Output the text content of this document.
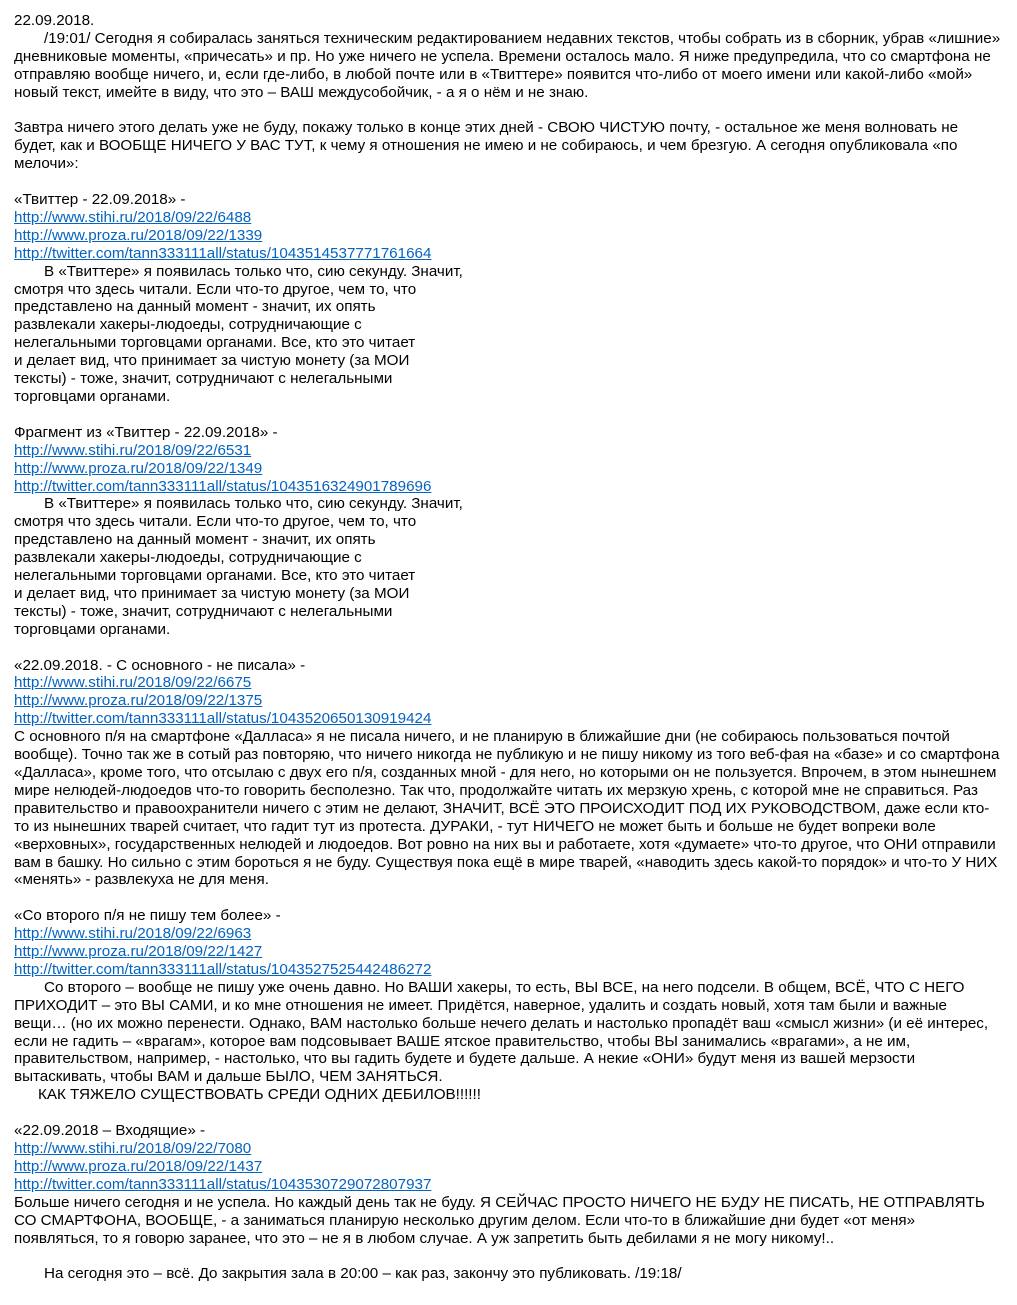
22.09.2018.
/19:01/ Сегодня я собиралась заняться техническим редактированием недавних текстов, чтобы собрать из в сборник, убрав «лишние» дневниковые моменты, «причесать» и пр. Но уже ничего не успела. Времени осталось мало. Я ниже предупредила, что со смартфона не отправляю вообще ничего, и, если где-либо, в любой почте или в «Твиттере» появится что-либо от моего имени или какой-либо «мой» новый текст, имейте в виду, что это – ВАШ междусобойчик, - а я о нём и не знаю.
Завтра ничего этого делать уже не буду, покажу только в конце этих дней - СВОЮ ЧИСТУЮ почту, - остальное же меня волновать не будет, как и ВООБЩЕ НИЧЕГО У ВАС ТУТ, к чему я отношения не имею и не собираюсь, и чем брезгую. А сегодня опубликовала «по мелочи»:
«Твиттер - 22.09.2018» -
http://www.stihi.ru/2018/09/22/6488
http://www.proza.ru/2018/09/22/1339
http://twitter.com/tann333111all/status/1043514537771761664
В «Твиттере» я появилась только что, сию секунду. Значит,
смотря что здесь читали. Если что-то другое, чем то, что
представлено на данный момент - значит, их опять
развлекали хакеры-людоеды, сотрудничающие с
нелегальными торговцами органами. Все, кто это читает
и делает вид, что принимает за чистую монету (за МОИ
тексты) - тоже, значит, сотрудничают с нелегальными
торговцами органами.
Фрагмент из «Твиттер - 22.09.2018» -
http://www.stihi.ru/2018/09/22/6531
http://www.proza.ru/2018/09/22/1349
http://twitter.com/tann333111all/status/1043516324901789696
В «Твиттере» я появилась только что, сию секунду. Значит,
смотря что здесь читали. Если что-то другое, чем то, что
представлено на данный момент - значит, их опять
развлекали хакеры-людоеды, сотрудничающие с
нелегальными торговцами органами. Все, кто это читает
и делает вид, что принимает за чистую монету (за МОИ
тексты) - тоже, значит, сотрудничают с нелегальными
торговцами органами.
«22.09.2018. - С основного - не писала» -
http://www.stihi.ru/2018/09/22/6675
http://www.proza.ru/2018/09/22/1375
http://twitter.com/tann333111all/status/1043520650130919424
С основного п/я на смартфоне «Далласа» я не писала ничего, и не планирую в ближайшие дни (не собираюсь пользоваться почтой вообще). Точно так же в сотый раз повторяю, что ничего никогда не публикую и не пишу никому из того веб-фая на «базе» и со смартфона «Далласа», кроме того, что отсылаю с двух его п/я, созданных мной - для него, но которыми он не пользуется. Впрочем, в этом нынешнем мире нелюдей-людоедов что-то говорить бесполезно. Так что, продолжайте читать их мерзкую хрень, с которой мне не справиться. Раз правительство и правоохранители ничего с этим не делают, ЗНАЧИТ, ВСЁ ЭТО ПРОИСХОДИТ ПОД ИХ РУКОВОДСТВОМ, даже если кто-то из нынешних тварей считает, что гадит тут из протеста. ДУРАКИ, - тут НИЧЕГО не может быть и больше не будет вопреки воле «верховных», государственных нелюдей и людоедов. Вот ровно на них вы и работаете, хотя «думаете» что-то другое, что ОНИ отправили вам в башку. Но сильно с этим бороться я не буду. Существуя пока ещё в мире тварей, «наводить здесь какой-то порядок» и что-то У НИХ «менять» - развлекуха не для меня.
«Со второго п/я не пишу тем более» -
http://www.stihi.ru/2018/09/22/6963
http://www.proza.ru/2018/09/22/1427
http://twitter.com/tann333111all/status/1043527525442486272
Со второго – вообще не пишу уже очень давно. Но ВАШИ хакеры, то есть, ВЫ ВСЕ, на него подсели. В общем, ВСЁ, ЧТО С НЕГО ПРИХОДИТ – это ВЫ САМИ, и ко мне отношения не имеет. Придётся, наверное, удалить и создать новый, хотя там были и важные вещи… (но их можно перенести. Однако, ВАМ настолько больше нечего делать и настолько пропадёт ваш «смысл жизни» (и её интерес, если не гадить – «врагам», которое вам подсовывает ВАШЕ ятское правительство, чтобы ВЫ занимались «врагами», а не им, правительством, например, - настолько, что вы гадить будете и будете дальше. А некие «ОНИ» будут меня из вашей мерзости вытаскивать, чтобы ВАМ и дальше БЫЛО, ЧЕМ ЗАНЯТЬСЯ.
КАК ТЯЖЕЛО СУЩЕСТВОВАТЬ СРЕДИ ОДНИХ ДЕБИЛОВ!!!!!!
«22.09.2018 – Входящие» -
http://www.stihi.ru/2018/09/22/7080
http://www.proza.ru/2018/09/22/1437
http://twitter.com/tann333111all/status/1043530729072807937
Больше ничего сегодня и не успела. Но каждый день так не буду. Я СЕЙЧАС ПРОСТО НИЧЕГО НЕ БУДУ НЕ ПИСАТЬ, НЕ ОТПРАВЛЯТЬ СО СМАРТФОНА, ВООБЩЕ, - а заниматься планирую несколько другим делом. Если что-то в ближайшие дни будет «от меня» появляться, то я говорю заранее, что это – не я в любом случае. А уж запретить быть дебилами я не могу никому!..
На сегодня это – всё. До закрытия зала в 20:00 – как раз, закончу это публиковать. /19:18/
